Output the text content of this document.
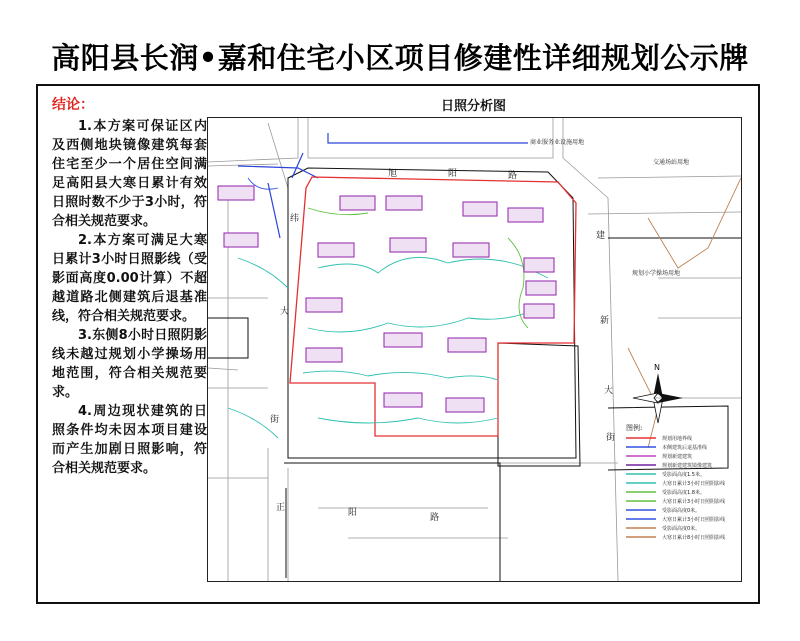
高阳县长润•嘉和住宅小区项目修建性详细规划公示牌
结论：

1.本方案可保证区内及西侧地块镜像建筑每套住宅至少一个居住空间满足高阳县大寒日累计有效日照时数不少于3小时，符合相关规范要求。

2.本方案可满足大寒日累计3小时日照影线（受影面高度0.00计算）不超越道路北侧建筑后退基准线，符合相关规范要求。

3.东侧8小时日照阴影线未越过规划小学操场用地范围，符合相关规范要求。

4.周边现状建筑的日照条件均未因本项目建设而产生加剧日照影响，符合相关规范要求。

日照分析图
N
商业服务业设施用地
交通场站用地
规划小学操场用地
旭	阳	路
纬
大
街
建
新
大
街
正	阳	路
图例:
规划用地界线
本侧建筑后退基准线
规划新建建筑
规划新建建筑镜像建筑
受影面高度1.5米。
大寒日累计3小时日照阴影线
受影面高度1.8米。
大寒日累计3小时日照阴影线
受影面高度0米。
大寒日累计3小时日照阴影线
受影面高度0米。
大寒日累计8小时日照阴影线
